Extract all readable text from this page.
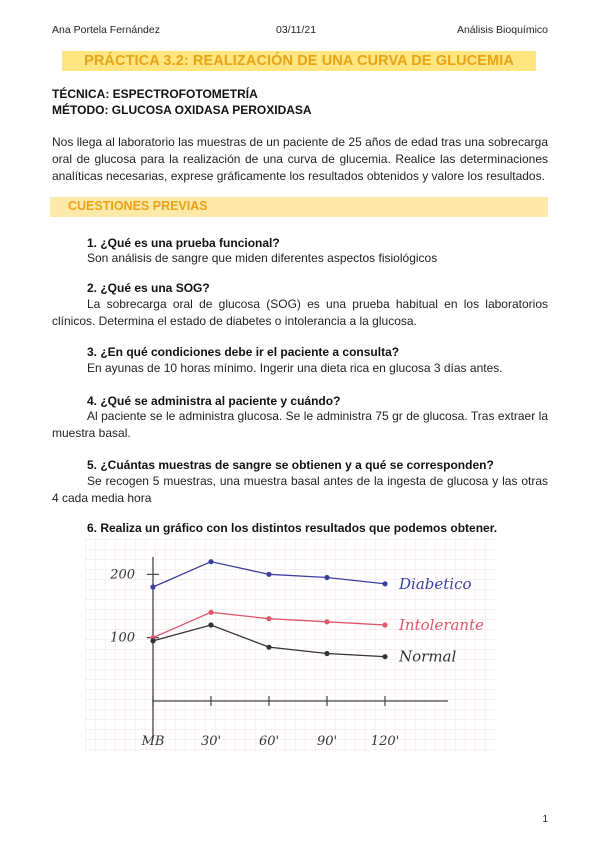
Ana Portela Fernández	03/11/21	Análisis Bioquímico
PRÁCTICA 3.2: REALIZACIÓN DE UNA CURVA DE GLUCEMIA
TÉCNICA: ESPECTROFOTOMETRÍA
MÉTODO: GLUCOSA OXIDASA PEROXIDASA
Nos llega al laboratorio las muestras de un paciente de 25 años de edad tras una sobrecarga oral de glucosa para la realización de una curva de glucemia. Realice las determinaciones analíticas necesarias, exprese gráficamente los resultados obtenidos y valore los resultados.
CUESTIONES PREVIAS
1. ¿Qué es una prueba funcional?
Son análisis de sangre que miden diferentes aspectos fisiológicos
2. ¿Qué es una SOG?
La sobrecarga oral de glucosa (SOG) es una prueba habitual en los laboratorios clínicos. Determina el estado de diabetes o intolerancia a la glucosa.
3. ¿En qué condiciones debe ir el paciente a consulta?
En ayunas de 10 horas mínimo. Ingerir una dieta rica en glucosa 3 días antes.
4. ¿Qué se administra al paciente y cuándo?
Al paciente se le administra glucosa. Se le administra 75 gr de glucosa. Tras extraer la muestra basal.
5. ¿Cuántas muestras de sangre se obtienen y a qué se corresponden?
Se recogen 5 muestras, una muestra basal antes de la ingesta de glucosa y las otras 4 cada media hora
6. Realiza un gráfico con los distintos resultados que podemos obtener.
MB	30'	60'	90'	120'
100
200	Diabetico
Intolerante
Normal
1
